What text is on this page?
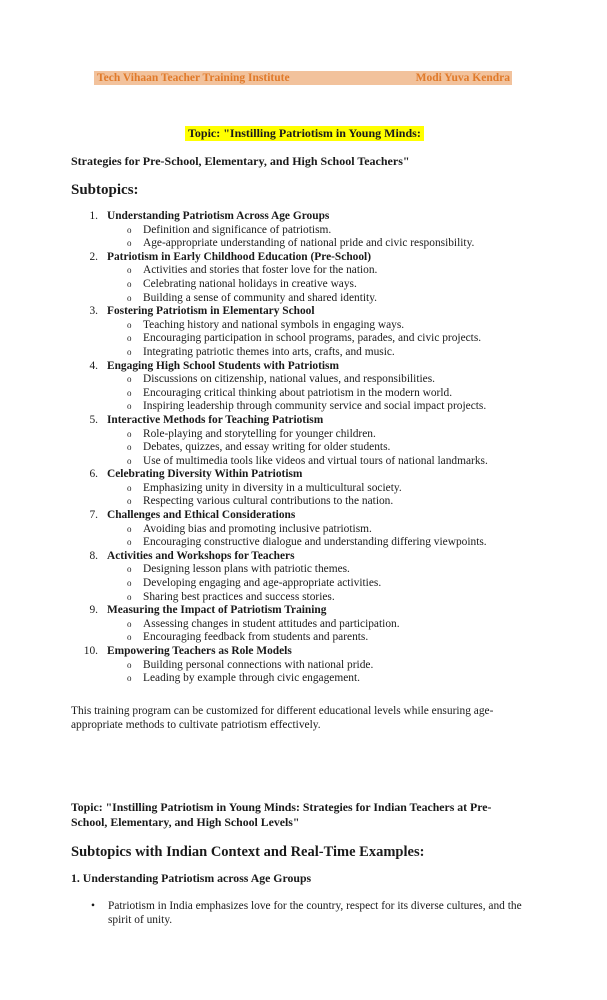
Tech Vihaan Teacher Training Institute	Modi Yuva Kendra
Topic: "Instilling Patriotism in Young Minds:
Strategies for Pre-School, Elementary, and High School Teachers"
Subtopics:
1. Understanding Patriotism Across Age Groups
o Definition and significance of patriotism.
o Age-appropriate understanding of national pride and civic responsibility.
2. Patriotism in Early Childhood Education (Pre-School)
o Activities and stories that foster love for the nation.
o Celebrating national holidays in creative ways.
o Building a sense of community and shared identity.
3. Fostering Patriotism in Elementary School
o Teaching history and national symbols in engaging ways.
o Encouraging participation in school programs, parades, and civic projects.
o Integrating patriotic themes into arts, crafts, and music.
4. Engaging High School Students with Patriotism
o Discussions on citizenship, national values, and responsibilities.
o Encouraging critical thinking about patriotism in the modern world.
o Inspiring leadership through community service and social impact projects.
5. Interactive Methods for Teaching Patriotism
o Role-playing and storytelling for younger children.
o Debates, quizzes, and essay writing for older students.
o Use of multimedia tools like videos and virtual tours of national landmarks.
6. Celebrating Diversity Within Patriotism
o Emphasizing unity in diversity in a multicultural society.
o Respecting various cultural contributions to the nation.
7. Challenges and Ethical Considerations
o Avoiding bias and promoting inclusive patriotism.
o Encouraging constructive dialogue and understanding differing viewpoints.
8. Activities and Workshops for Teachers
o Designing lesson plans with patriotic themes.
o Developing engaging and age-appropriate activities.
o Sharing best practices and success stories.
9. Measuring the Impact of Patriotism Training
o Assessing changes in student attitudes and participation.
o Encouraging feedback from students and parents.
10. Empowering Teachers as Role Models
o Building personal connections with national pride.
o Leading by example through civic engagement.
This training program can be customized for different educational levels while ensuring age-appropriate methods to cultivate patriotism effectively.
Topic: "Instilling Patriotism in Young Minds: Strategies for Indian Teachers at Pre-School, Elementary, and High School Levels"
Subtopics with Indian Context and Real-Time Examples:
1. Understanding Patriotism across Age Groups
• Patriotism in India emphasizes love for the country, respect for its diverse cultures, and the spirit of unity.
